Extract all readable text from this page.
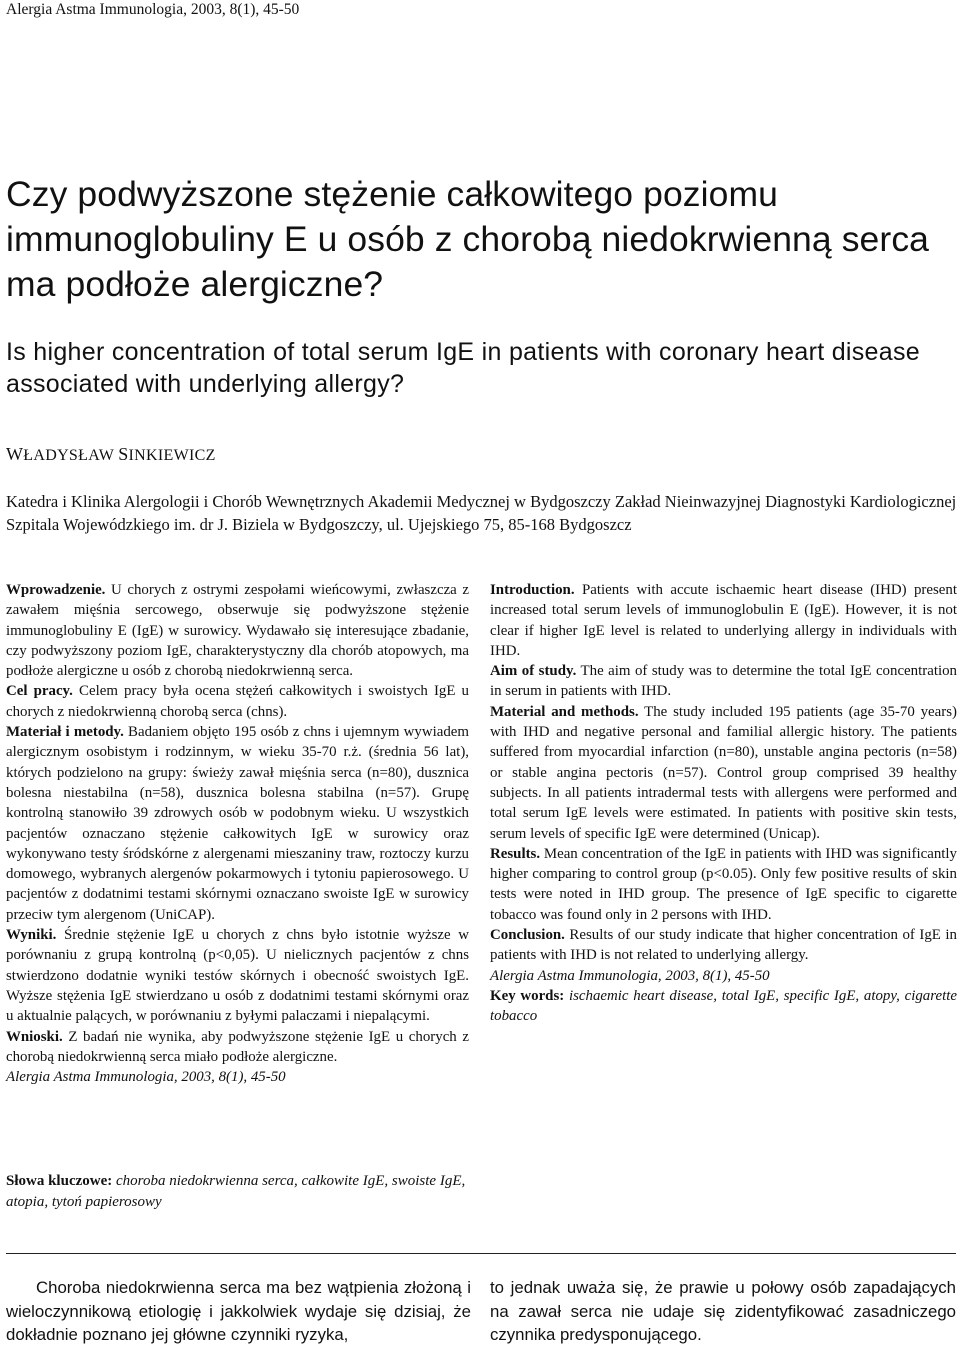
Alergia Astma Immunologia, 2003, 8(1), 45-50
Czy podwyższone stężenie całkowitego poziomu immunoglobuliny E u osób z chorobą niedokrwienną serca ma podłoże alergiczne?
Is higher concentration of total serum IgE in patients with coronary heart disease associated with underlying allergy?
WŁADYSŁAW SINKIEWICZ
Katedra i Klinika Alergologii i Chorób Wewnętrznych Akademii Medycznej w Bydgoszczy Zakład Nieinwazyjnej Diagnostyki Kardiologicznej Szpitala Wojewódzkiego im. dr J. Biziela w Bydgoszczy, ul. Ujejskiego 75, 85-168 Bydgoszcz

Wprowadzenie. U chorych z ostrymi zespołami wieńcowymi, zwłaszcza z zawałem mięśnia sercowego, obserwuje się podwyższone stężenie immunoglobuliny E (IgE) w surowicy. Wydawało się interesujące zbadanie, czy podwyższony poziom IgE, charakterystyczny dla chorób atopowych, ma podłoże alergiczne u osób z chorobą niedokrwienną serca.

Cel pracy. Celem pracy była ocena stężeń całkowitych i swoistych IgE u chorych z niedokrwienną chorobą serca (chns).

Materiał i metody. Badaniem objęto 195 osób z chns i ujemnym wywiadem alergicznym osobistym i rodzinnym, w wieku 35-70 r.ż. (średnia 56 lat), których podzielono na grupy: świeży zawał mięśnia serca (n=80), dusznica bolesna niestabilna (n=58), dusznica bolesna stabilna (n=57). Grupę kontrolną stanowiło 39 zdrowych osób w podobnym wieku. U wszystkich pacjentów oznaczano stężenie całkowitych IgE w surowicy oraz wykonywano testy śródskórne z alergenami mieszaniny traw, roztoczy kurzu domowego, wybranych alergenów pokarmowych i tytoniu papierosowego. U pacjentów z dodatnimi testami skórnymi oznaczano swoiste IgE w surowicy przeciw tym alergenom (UniCAP).

Wyniki. Średnie stężenie IgE u chorych z chns było istotnie wyższe w porównaniu z grupą kontrolną (p<0,05). U nielicznych pacjentów z chns stwierdzono dodatnie wyniki testów skórnych i obecność swoistych IgE. Wyższe stężenia IgE stwierdzano u osób z dodatnimi testami skórnymi oraz u aktualnie palących, w porównaniu z byłymi palaczami i niepalącymi.

Wnioski. Z badań nie wynika, aby podwyższone stężenie IgE u chorych z chorobą niedokrwienną serca miało podłoże alergiczne.

Alergia Astma Immunologia, 2003, 8(1), 45-50

Słowa kluczowe: choroba niedokrwienna serca, całkowite IgE, swoiste IgE, atopia, tytoń papierosowy

Introduction. Patients with accute ischaemic heart disease (IHD) present increased total serum levels of immunoglobulin E (IgE). However, it is not clear if higher IgE level is related to underlying allergy in individuals with IHD.

Aim of study. The aim of study was to determine the total IgE concentration in serum in patients with IHD.

Material and methods. The study included 195 patients (age 35-70 years) with IHD and negative personal and familial allergic history. The patients suffered from myocardial infarction (n=80), unstable angina pectoris (n=58) or stable angina pectoris (n=57). Control group comprised 39 healthy subjects. In all patients intradermal tests with allergens were performed and total serum IgE levels were estimated. In patients with positive skin tests, serum levels of specific IgE were determined (Unicap).

Results. Mean concentration of the IgE in patients with IHD was significantly higher comparing to control group (p<0.05). Only few positive results of skin tests were noted in IHD group. The presence of IgE specific to cigarette tobacco was found only in 2 persons with IHD.

Conclusion. Results of our study indicate that higher concentration of IgE in patients with IHD is not related to underlying allergy.

Alergia Astma Immunologia, 2003, 8(1), 45-50

Key words: ischaemic heart disease, total IgE, specific IgE, atopy, cigarette tobacco

Choroba niedokrwienna serca ma bez wątpienia złożoną i wieloczynnikową etiologię i jakkolwiek wydaje się dzisiaj, że dokładnie poznano jej główne czynniki ryzyka,
to jednak uważa się, że prawie u połowy osób zapadających na zawał serca nie udaje się zidentyfikować zasadniczego czynnika predysponującego.
